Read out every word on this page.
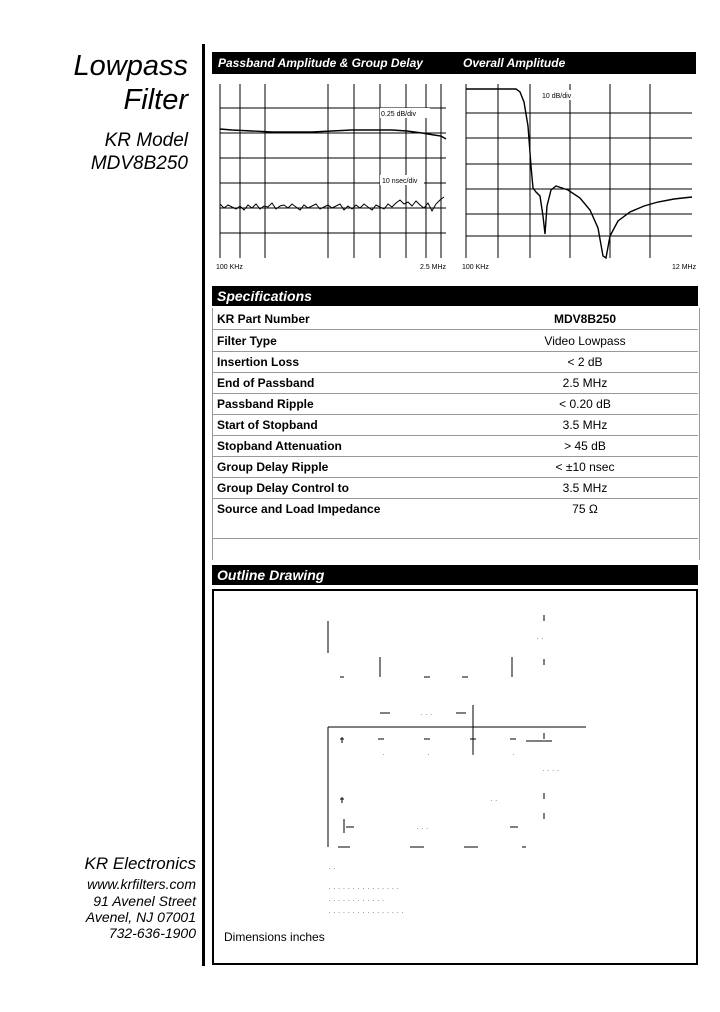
Lowpass
Filter
KR Model
MDV8B250
Passband Amplitude & Group Delay	Overall Amplitude
0.25 dB/div
10 nsec/div
100 KHz	2.5 MHz
10 dB/div
100 KHz	12 MHz
Specifications
KR Part Number	MDV8B250
Filter Type	Video Lowpass
Insertion Loss	< 2 dB
End of Passband	2.5 MHz
Passband Ripple	< 0.20 dB
Start of Stopband	3.5 MHz
Stopband Attenuation	> 45 dB
Group Delay Ripple	< ±10 nsec
Group Delay Control to	3.5 MHz
Source and Load Impedance	75 Ω
Outline Drawing
· ·
· · ·
·	·	·	·
· · · ·
· ·
· · ·
· ·
· · · · · · · · · · · · · · ·
· · · · · · · · · · · ·
· · · · · · · · · · · · · · · ·
Dimensions inches
KR Electronics
www.krfilters.com
91 Avenel Street
Avenel, NJ 07001
732-636-1900
